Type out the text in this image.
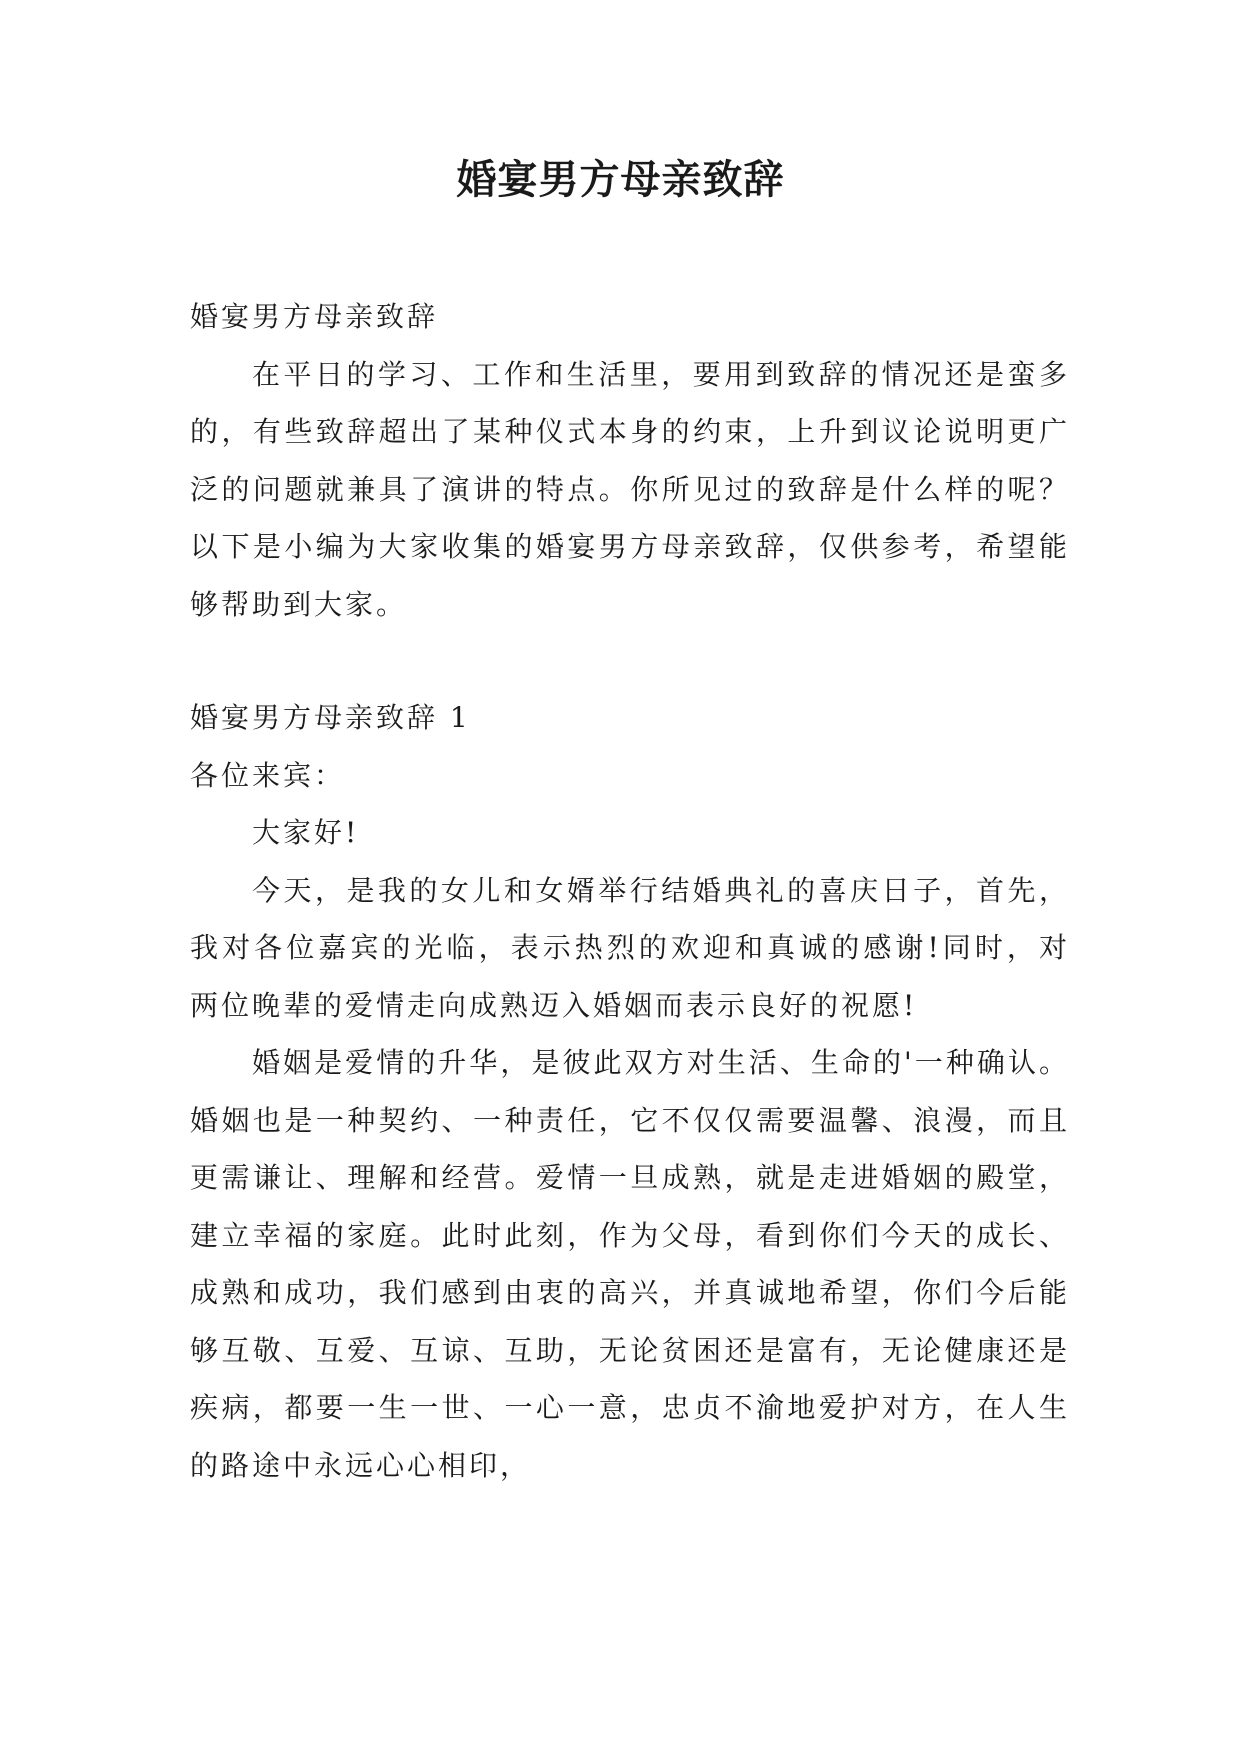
婚宴男方母亲致辞

婚宴男方母亲致辞

在平日的学习、工作和生活里，要用到致辞的情况还是蛮多的，有些致辞超出了某种仪式本身的约束，上升到议论说明更广泛的问题就兼具了演讲的特点。你所见过的致辞是什么样的呢？以下是小编为大家收集的婚宴男方母亲致辞，仅供参考，希望能够帮助到大家。

婚宴男方母亲致辞 1

各位来宾：

大家好!

今天，是我的女儿和女婿举行结婚典礼的喜庆日子，首先，我对各位嘉宾的光临，表示热烈的欢迎和真诚的感谢!同时，对两位晚辈的爱情走向成熟迈入婚姻而表示良好的祝愿!

婚姻是爱情的升华，是彼此双方对生活、生命的'一种确认。婚姻也是一种契约、一种责任，它不仅仅需要温馨、浪漫，而且更需谦让、理解和经营。爱情一旦成熟，就是走进婚姻的殿堂，建立幸福的家庭。此时此刻，作为父母，看到你们今天的成长、成熟和成功，我们感到由衷的高兴，并真诚地希望，你们今后能够互敬、互爱、互谅、互助，无论贫困还是富有，无论健康还是疾病，都要一生一世、一心一意，忠贞不渝地爱护对方，在人生的路途中永远心心相印，
